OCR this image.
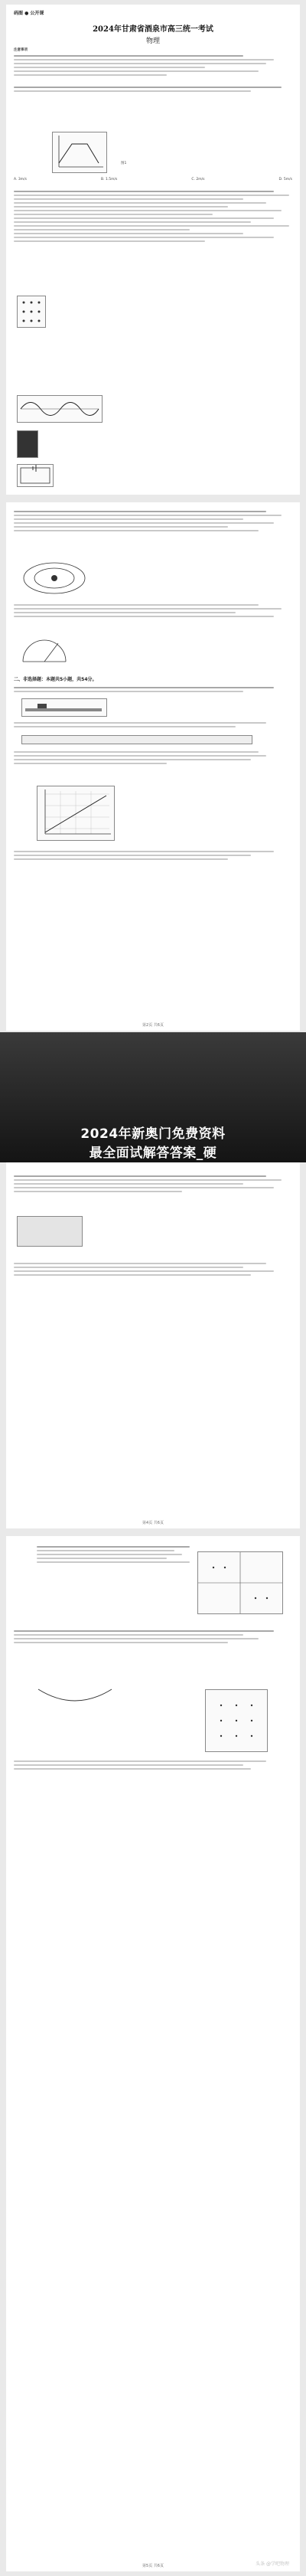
码图 ● 公开课
2024年甘肃省酒泉市高三统一考试
物理
注意事项
图1
A. 3m/s	B. 1.5m/s	C. 2m/s	D. 5m/s
二、非选择题：本题共5小题，共54分。
第2页 共6页
第4页 共6页
第5页 共6页	头条 @学吧物理
2024年新奥门免费资料
最全面试解答答案_硬
